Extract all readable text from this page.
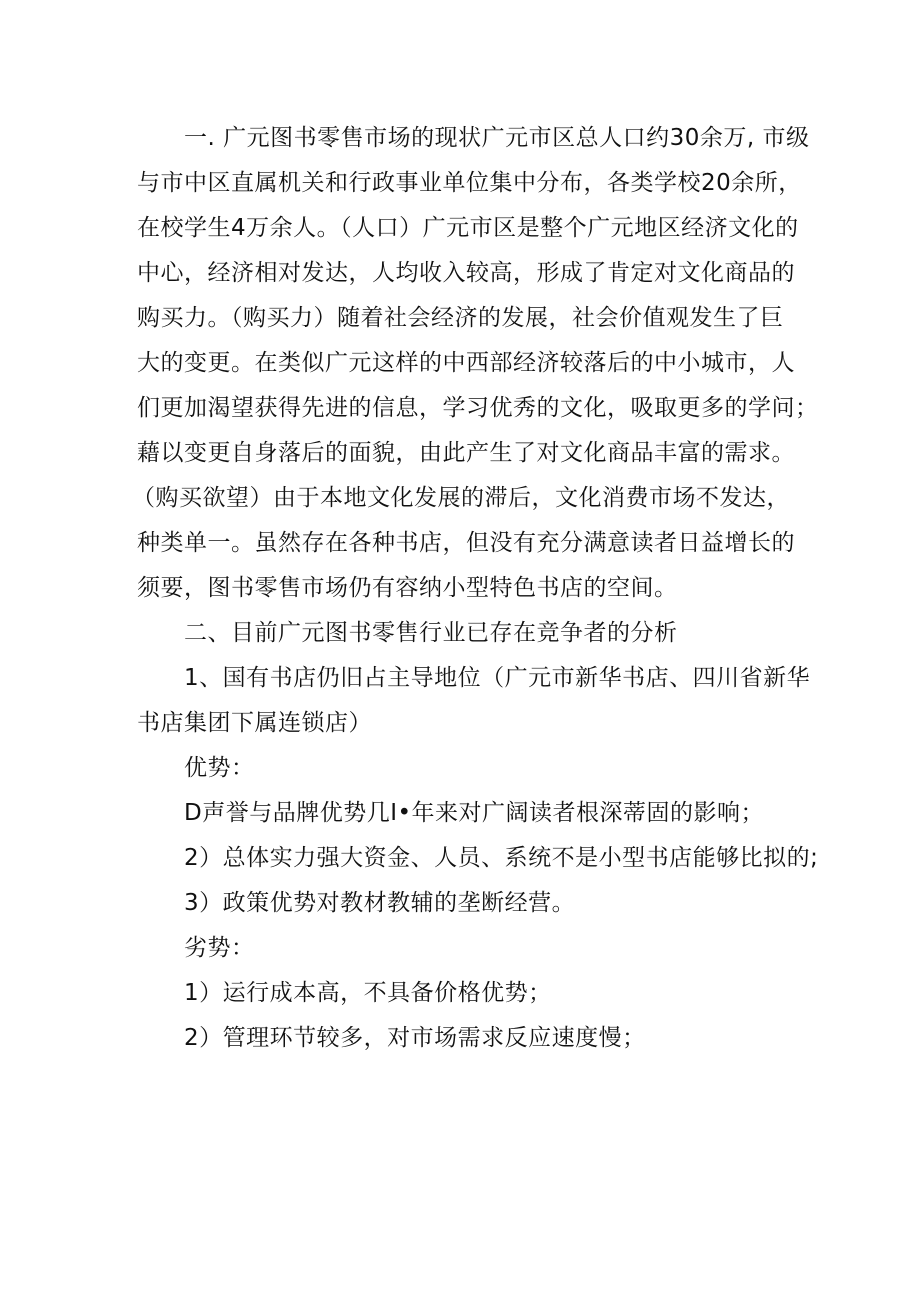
一. 广元图书零售市场的现状广元市区总人口约30余万, 市级
与市中区直属机关和行政事业单位集中分布，各类学校20余所，
在校学生4万余人。（人口）广元市区是整个广元地区经济文化的
中心，经济相对发达，人均收入较高，形成了肯定对文化商品的
购买力。（购买力）随着社会经济的发展，社会价值观发生了巨
大的变更。在类似广元这样的中西部经济较落后的中小城市，人
们更加渴望获得先进的信息，学习优秀的文化，吸取更多的学问；
藉以变更自身落后的面貌，由此产生了对文化商品丰富的需求。
（购买欲望）由于本地文化发展的滞后，文化消费市场不发达，
种类单一。虽然存在各种书店，但没有充分满意读者日益增长的
须要，图书零售市场仍有容纳小型特色书店的空间。
二、目前广元图书零售行业已存在竞争者的分析
1、国有书店仍旧占主导地位（广元市新华书店、四川省新华
书店集团下属连锁店）
优势：
D声誉与品牌优势几I•年来对广阔读者根深蒂固的影响；
2）总体实力强大资金、人员、系统不是小型书店能够比拟的;
3）政策优势对教材教辅的垄断经营。
劣势：
1）运行成本高，不具备价格优势；
2）管理环节较多，对市场需求反应速度慢；
